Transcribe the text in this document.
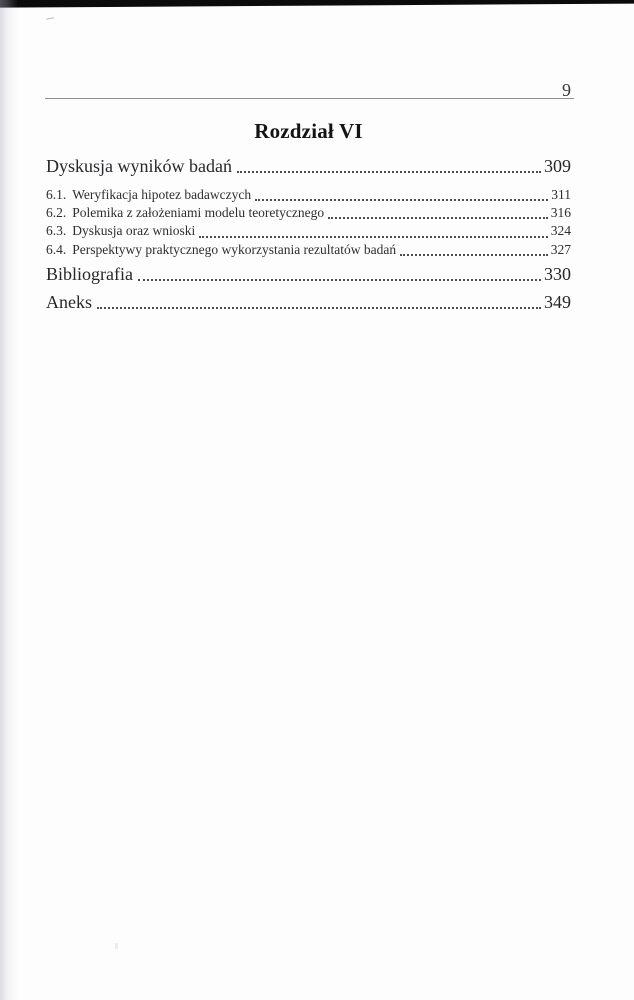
9
Rozdział VI
Dyskusja wyników badań	309
6.1. Weryfikacja hipotez badawczych	311
6.2. Polemika z założeniami modelu teoretycznego	316
6.3. Dyskusja oraz wnioski	324
6.4. Perspektywy praktycznego wykorzystania rezultatów badań	327
Bibliografia	330
Aneks	349
